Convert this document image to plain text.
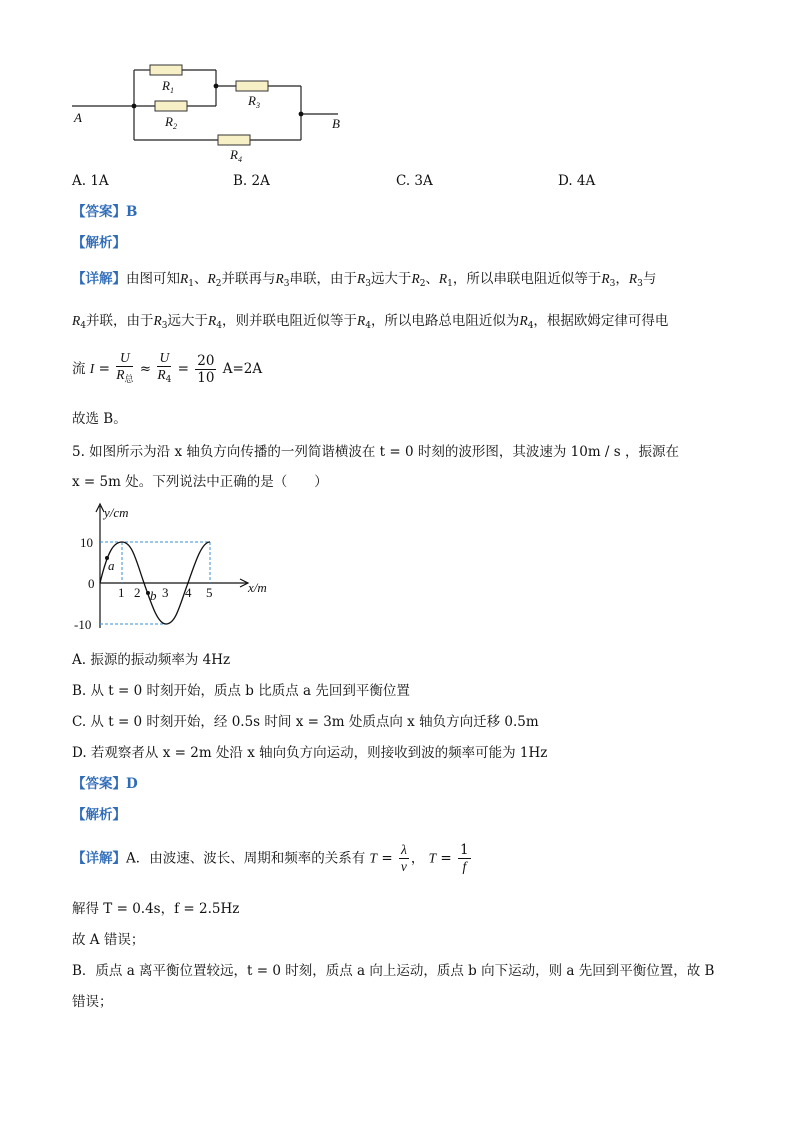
$R_1$
$R_2$
$R_3$
$R_4$
A	B
A. 1A	B. 2A	C. 3A	D. 4A
【答案】B
【解析】
【详解】由图可知$R_1$、$R_2$并联再与$R_3$串联，由于$R_3$远大于$R_2$、$R_1$，所以串联电阻近似等于$R_3$，$R_3$与
$R_4$并联，由于$R_3$远大于$R_4$，则并联电阻近似等于$R_4$，所以电路总电阻近似为$R_4$，根据欧姆定律可得电
流 $I = \frac{U}{R_总} \approx \frac{U}{R_4} = \frac{20}{10} A=2A$
故选 B。
5. 如图所示为沿 x 轴负方向传播的一列简谐横波在 t = 0 时刻的波形图，其波速为 10m / s ，振源在
x = 5m 处。下列说法中正确的是（　　）
y/cm
x/m
10
0
-10
1 2 3 4 5
a
b
A. 振源的振动频率为 4Hz
B. 从 t = 0 时刻开始，质点 b 比质点 a 先回到平衡位置
C. 从 t = 0 时刻开始，经 0.5s 时间 x = 3m 处质点向 x 轴负方向迁移 0.5m
D. 若观察者从 x = 2m 处沿 x 轴向负方向运动，则接收到波的频率可能为 1Hz
【答案】D
【解析】
【详解】A．由波速、波长、周期和频率的关系有 $T = \frac{\lambda}{v}$ ， $T = \frac{1}{f}$
解得 T = 0.4s，f = 2.5Hz
故 A 错误；
B．质点 a 离平衡位置较远，t = 0 时刻，质点 a 向上运动，质点 b 向下运动，则 a 先回到平衡位置，故 B
错误；
